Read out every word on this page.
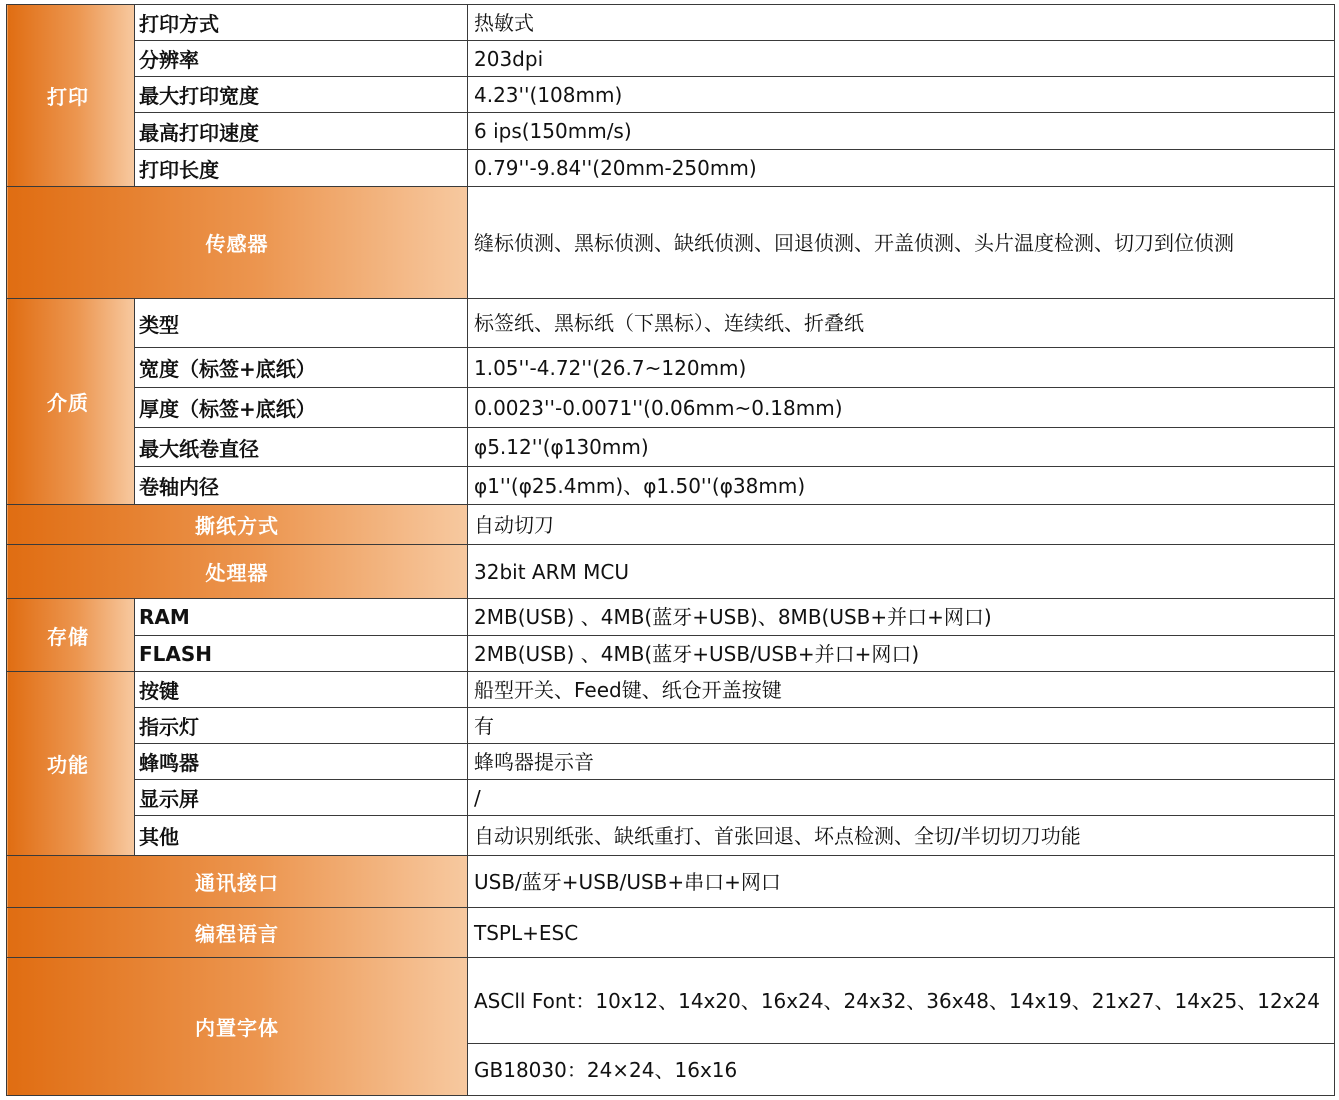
打印	打印方式	热敏式
	分辨率	203dpi
	最大打印宽度	4.23''(108mm)
	最高打印速度	6 ips(150mm/s)
	打印长度	0.79''-9.84''(20mm-250mm)
传感器		缝标侦测、黑标侦测、缺纸侦测、回退侦测、开盖侦测、头片温度检测、切刀到位侦测
介质	类型	标签纸、黑标纸（下黑标）、连续纸、折叠纸
	宽度（标签+底纸）	1.05''-4.72''(26.7~120mm)
	厚度（标签+底纸）	0.0023''-0.0071''(0.06mm~0.18mm)
	最大纸卷直径	φ5.12''(φ130mm)
	卷轴内径	φ1''(φ25.4mm)、φ1.50''(φ38mm)
撕纸方式		自动切刀
处理器		32bit ARM MCU
存储	RAM	2MB(USB) 、4MB(蓝牙+USB)、8MB(USB+并口+网口)
	FLASH	2MB(USB) 、4MB(蓝牙+USB/USB+并口+网口)
功能	按键	船型开关、Feed键、纸仓开盖按键
	指示灯	有
	蜂鸣器	蜂鸣器提示音
	显示屏	/
	其他	自动识别纸张、缺纸重打、首张回退、坏点检测、全切/半切切刀功能
通讯接口		USB/蓝牙+USB/USB+串口+网口
编程语言		TSPL+ESC
内置字体		ASCll Font：10x12、14x20、16x24、24x32、36x48、14x19、21x27、14x25、12x24
		GB18030：24×24、16x16
